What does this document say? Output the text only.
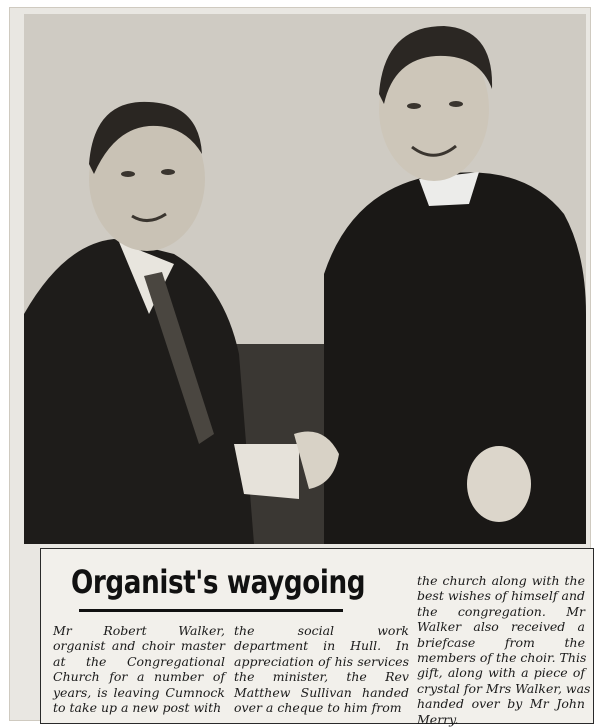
Organist's waygoing
Mr Robert Walker,
organist and choir master
at the Congregational
Church for a number of
years, is leaving Cumnock
to take up a new post with
the social work
department in Hull. In
appreciation of his services
the minister, the Rev
Matthew Sullivan handed
over a cheque to him from
the church along with the
best wishes of himself and
the congregation. Mr
Walker also received a
briefcase from the
members of the choir. This
gift, along with a piece of
crystal for Mrs Walker, was
handed over by Mr John
Merry.
